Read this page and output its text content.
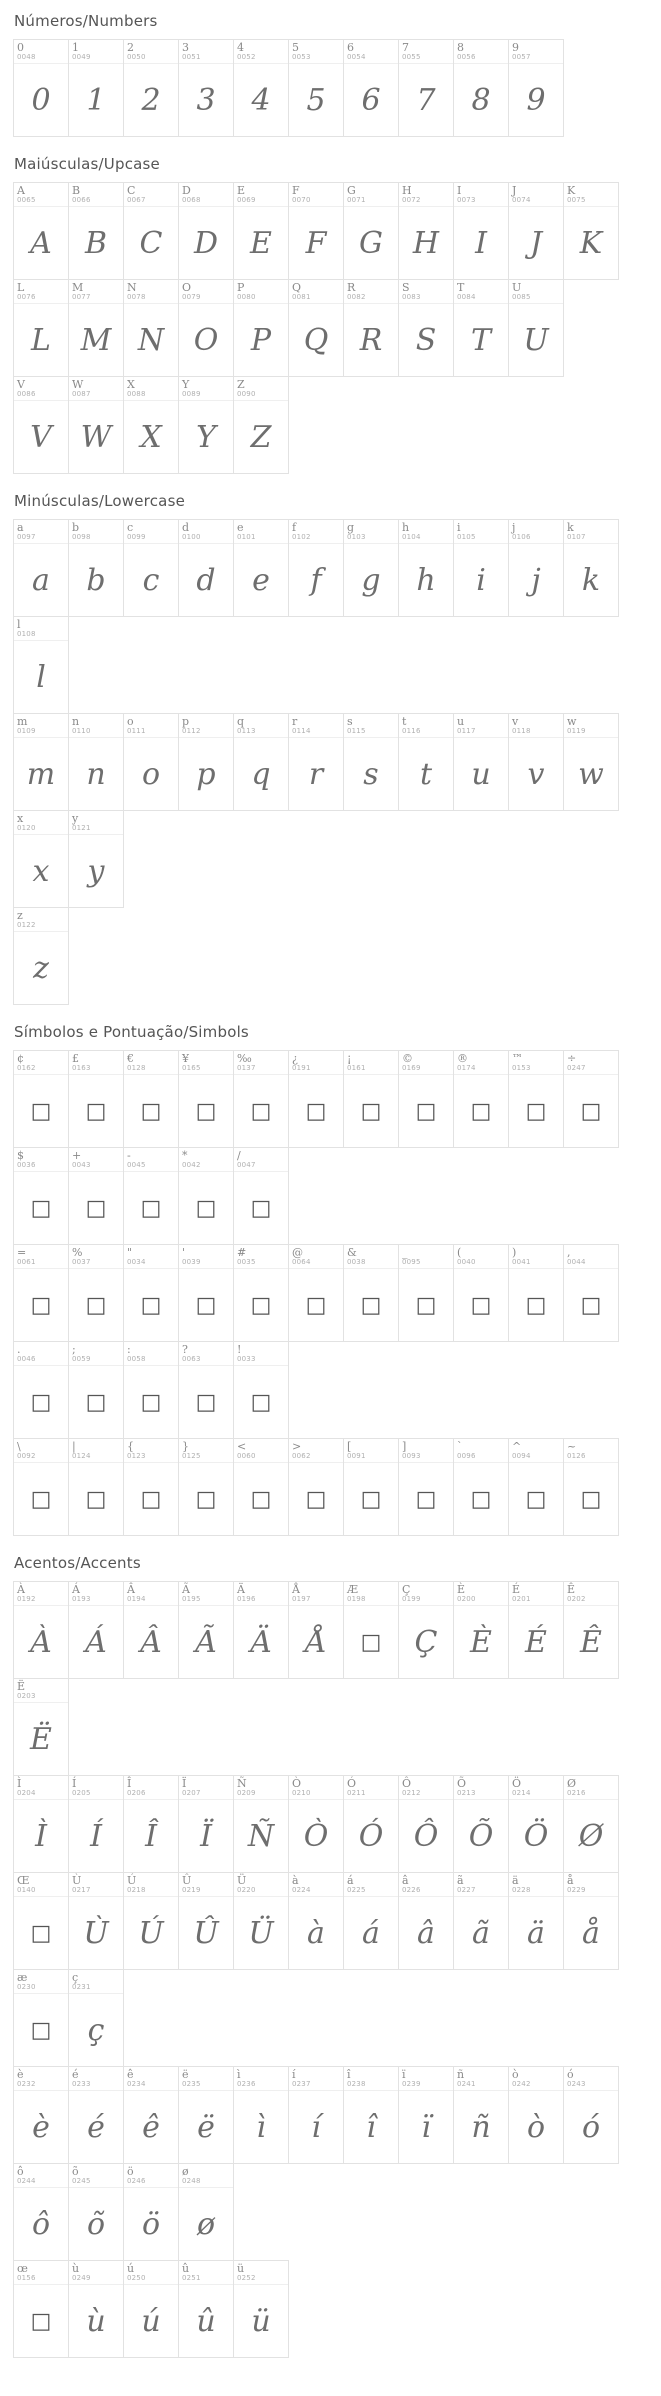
Números/Numbers
0
0048
0
1
0049
1
2
0050
2
3
0051
3
4
0052
4
5
0053
5
6
0054
6
7
0055
7
8
0056
8
9
0057
9
Maiúsculas/Upcase
A
0065
A
B
0066
B
C
0067
C
D
0068
D
E
0069
E
F
0070
F
G
0071
G
H
0072
H
I
0073
I
J
0074
J
K
0075
K
L
0076
L
M
0077
M
N
0078
N
O
0079
O
P
0080
P
Q
0081
Q
R
0082
R
S
0083
S
T
0084
T
U
0085
U
V
0086
V
W
0087
W
X
0088
X
Y
0089
Y
Z
0090
Z
Minúsculas/Lowercase
a
0097
a
b
0098
b
c
0099
c
d
0100
d
e
0101
e
f
0102
f
g
0103
g
h
0104
h
i
0105
i
j
0106
j
k
0107
k
l
0108
l
m
0109
m
n
0110
n
o
0111
o
p
0112
p
q
0113
q
r
0114
r
s
0115
s
t
0116
t
u
0117
u
v
0118
v
w
0119
w
x
0120
x
y
0121
y
z
0122
z
Símbolos e Pontuação/Simbols
¢
0162
□
£
0163
□
€
0128
□
¥
0165
□
‰
0137
□
¿
0191
□
¡
0161
□
©
0169
□
®
0174
□
™
0153
□
÷
0247
□
$
0036
□
+
0043
□
-
0045
□
*
0042
□
/
0047
□
=
0061
□
%
0037
□
"
0034
□
'
0039
□
#
0035
□
@
0064
□
&
0038
□
_
0095
□
(
0040
□
)
0041
□
,
0044
□
.
0046
□
;
0059
□
:
0058
□
?
0063
□
!
0033
□
\
0092
□
|
0124
□
{
0123
□
}
0125
□
<
0060
□
>
0062
□
[
0091
□
]
0093
□
`
0096
□
^
0094
□
~
0126
□
Acentos/Accents
À
0192
À
Á
0193
Á
Â
0194
Â
Ã
0195
Ã
Ä
0196
Ä
Å
0197
Å
Æ
0198
□
Ç
0199
Ç
È
0200
È
É
0201
É
Ê
0202
Ê
Ë
0203
Ë
Ì
0204
Ì
Í
0205
Í
Î
0206
Î
Ï
0207
Ï
Ñ
0209
Ñ
Ò
0210
Ò
Ó
0211
Ó
Ô
0212
Ô
Õ
0213
Õ
Ö
0214
Ö
Ø
0216
Ø
Œ
0140
□
Ù
0217
Ù
Ú
0218
Ú
Û
0219
Û
Ü
0220
Ü
à
0224
à
á
0225
á
â
0226
â
ã
0227
ã
ä
0228
ä
å
0229
å
æ
0230
□
ç
0231
ç
è
0232
è
é
0233
é
ê
0234
ê
ë
0235
ë
ì
0236
ì
í
0237
í
î
0238
î
ï
0239
ï
ñ
0241
ñ
ò
0242
ò
ó
0243
ó
ô
0244
ô
õ
0245
õ
ö
0246
ö
ø
0248
ø
œ
0156
□
ù
0249
ù
ú
0250
ú
û
0251
û
ü
0252
ü
